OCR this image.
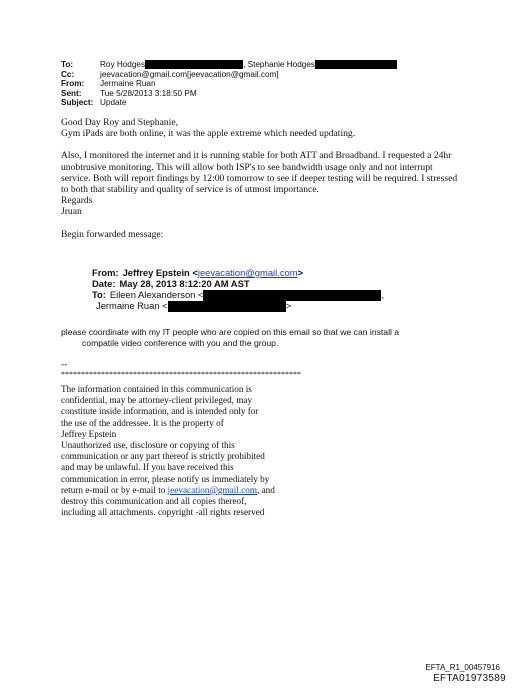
To:	Roy Hodges	, Stephanie Hodges
Cc:	jeevacation@gmail.com[jeevacation@gmail.com]
From:	Jermaine Ruan
Sent:	Tue 5/28/2013 3:18:50 PM
Subject: Update

Good Day Roy and Stephanie,

Gym iPads are both online, it was the apple extreme which needed updating.

Also, I monitored the internet and it is running stable for both ATT and Broadband. I requested a 24hr unobtrusive monitoring. This will allow both ISP's to see bandwidth usage only and not interrupt service. Both will report findings by 12:00 tomorrow to see if deeper testing will be required. I stressed to both that stability and quality of service is of utmost importance.

Regards

Jruan

Begin forwarded message:

From: Jeffrey Epstein < jeevacation@gmail.com >
Date: May 28, 2013 8:12:20 AM AST
To: Eileen Alexanderson <	,
Jermaine Ruan <	>
please coordinate with my IT people who are copied on this email so that we can install a
compatile video conference with you and the group.
--
************************************************************
The information contained in this communication is
confidential, may be attorney-client privileged, may
constitute inside information, and is intended only for
the use of the addressee. It is the property of
Jeffrey Epstein
Unauthorized use, disclosure or copying of this
communication or any part thereof is strictly prohibited
and may be unlawful. If you have received this
communication in error, please notify us immediately by
return e-mail or by e-mail to jeevacation@gmail.com, and
destroy this communication and all copies thereof,
including all attachments. copyright -all rights reserved
EFTA_R1_00457916
EFTA01973589
